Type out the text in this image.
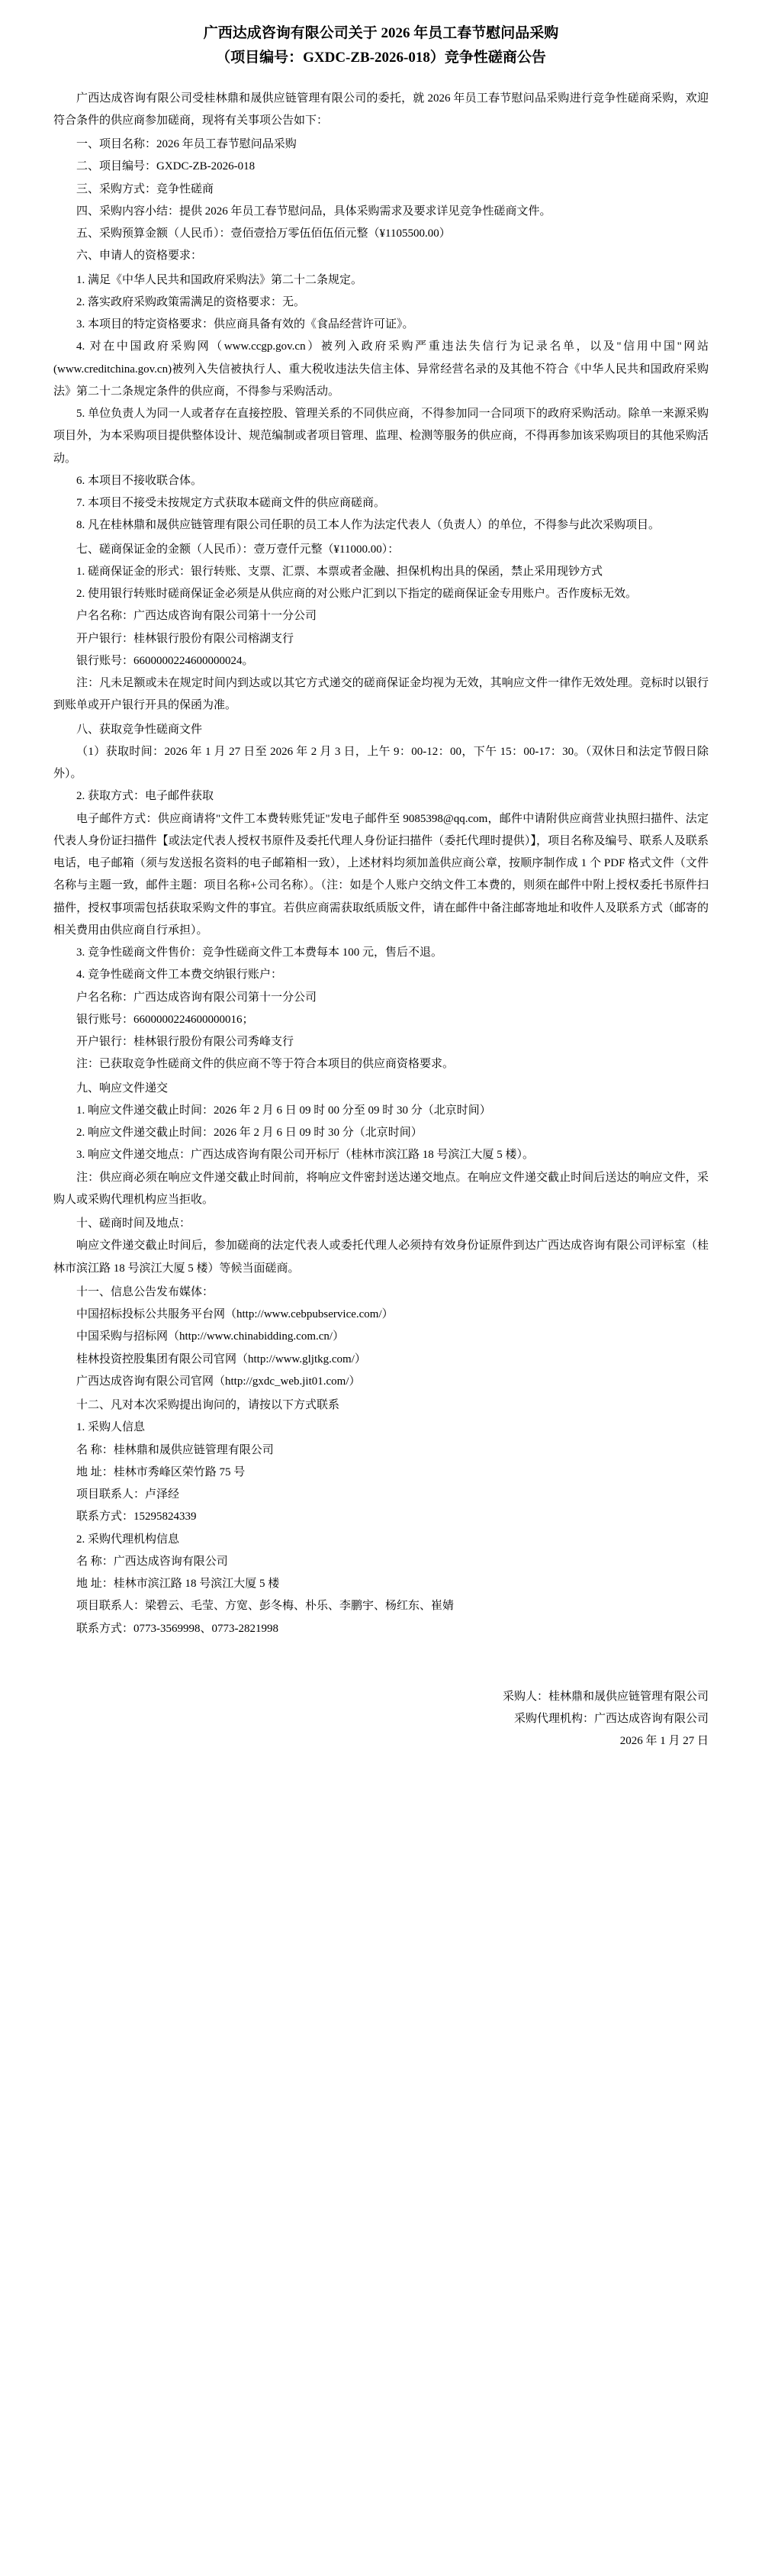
广西达成咨询有限公司关于 2026 年员工春节慰问品采购
（项目编号：GXDC-ZB-2026-018）竞争性磋商公告

广西达成咨询有限公司受桂林鼎和晟供应链管理有限公司的委托，就 2026 年员工春节慰问品采购进行竞争性磋商采购，欢迎符合条件的供应商参加磋商，现将有关事项公告如下：

一、项目名称：2026 年员工春节慰问品采购

二、项目编号：GXDC-ZB-2026-018

三、采购方式：竞争性磋商

四、采购内容小结：提供 2026 年员工春节慰问品，具体采购需求及要求详见竞争性磋商文件。

五、采购预算金额（人民币）：壹佰壹拾万零伍佰伍佰元整（¥1105500.00）

六、申请人的资格要求：

1. 满足《中华人民共和国政府采购法》第二十二条规定。

2. 落实政府采购政策需满足的资格要求：无。

3. 本项目的特定资格要求：供应商具备有效的《食品经营许可证》。

4. 对在中国政府采购网（www.ccgp.gov.cn）被列入政府采购严重违法失信行为记录名单，以及"信用中国"网站(www.creditchina.gov.cn)被列入失信被执行人、重大税收违法失信主体、异常经营名录的及其他不符合《中华人民共和国政府采购法》第二十二条规定条件的供应商，不得参与采购活动。

5. 单位负责人为同一人或者存在直接控股、管理关系的不同供应商，不得参加同一合同项下的政府采购活动。除单一来源采购项目外，为本采购项目提供整体设计、规范编制或者项目管理、监理、检测等服务的供应商，不得再参加该采购项目的其他采购活动。

6. 本项目不接收联合体。

7. 本项目不接受未按规定方式获取本磋商文件的供应商磋商。

8. 凡在桂林鼎和晟供应链管理有限公司任职的员工本人作为法定代表人（负责人）的单位，不得参与此次采购项目。

七、磋商保证金的金额（人民币）：壹万壹仟元整（¥11000.00）：

1. 磋商保证金的形式：银行转账、支票、汇票、本票或者金融、担保机构出具的保函，禁止采用现钞方式

2. 使用银行转账时磋商保证金必须是从供应商的对公账户汇到以下指定的磋商保证金专用账户。否作废标无效。

户名名称：广西达成咨询有限公司第十一分公司

开户银行：桂林银行股份有限公司榕湖支行

银行账号：6600000224600000024。

注：凡未足额或未在规定时间内到达或以其它方式递交的磋商保证金均视为无效，其响应文件一律作无效处理。竞标时以银行到账单或开户银行开具的保函为准。

八、获取竞争性磋商文件

（1）获取时间：2026 年 1 月 27 日至 2026 年 2 月 3 日，上午 9：00-12：00，下午 15：00-17：30。（双休日和法定节假日除外）。

2. 获取方式：电子邮件获取

电子邮件方式：供应商请将"文件工本费转账凭证"发电子邮件至 9085398@qq.com，邮件中请附供应商营业执照扫描件、法定代表人身份证扫描件【或法定代表人授权书原件及委托代理人身份证扫描件（委托代理时提供）】，项目名称及编号、联系人及联系电话，电子邮箱（须与发送报名资料的电子邮箱相一致），上述材料均须加盖供应商公章，按顺序制作成 1 个 PDF 格式文件（文件名称与主题一致，邮件主题：项目名称+公司名称）。（注：如是个人账户交纳文件工本费的，则须在邮件中附上授权委托书原件扫描件，授权事项需包括获取采购文件的事宜。若供应商需获取纸质版文件，请在邮件中备注邮寄地址和收件人及联系方式（邮寄的相关费用由供应商自行承担）。

3. 竞争性磋商文件售价：竞争性磋商文件工本费每本 100 元，售后不退。

4. 竞争性磋商文件工本费交纳银行账户：

户名名称：广西达成咨询有限公司第十一分公司

银行账号：6600000224600000016；

开户银行：桂林银行股份有限公司秀峰支行

注：已获取竞争性磋商文件的供应商不等于符合本项目的供应商资格要求。

九、响应文件递交

1. 响应文件递交截止时间：2026 年 2 月 6 日 09 时 00 分至 09 时 30 分（北京时间）

2. 响应文件递交截止时间：2026 年 2 月 6 日 09 时 30 分（北京时间）

3. 响应文件递交地点：广西达成咨询有限公司开标厅（桂林市滨江路 18 号滨江大厦 5 楼）。

注：供应商必须在响应文件递交截止时间前，将响应文件密封送达递交地点。在响应文件递交截止时间后送达的响应文件，采购人或采购代理机构应当拒收。

十、磋商时间及地点：

响应文件递交截止时间后，参加磋商的法定代表人或委托代理人必须持有效身份证原件到达广西达成咨询有限公司评标室（桂林市滨江路 18 号滨江大厦 5 楼）等候当面磋商。

十一、信息公告发布媒体：

中国招标投标公共服务平台网（http://www.cebpubservice.com/）

中国采购与招标网（http://www.chinabidding.com.cn/）

桂林投资控股集团有限公司官网（http://www.gljtkg.com/）

广西达成咨询有限公司官网（http://gxdc_web.jit01.com/）

十二、凡对本次采购提出询问的，请按以下方式联系

1. 采购人信息

名 称：桂林鼎和晟供应链管理有限公司

地 址：桂林市秀峰区荣竹路 75 号

项目联系人：卢泽经

联系方式：15295824339

2. 采购代理机构信息

名 称：广西达成咨询有限公司

地 址：桂林市滨江路 18 号滨江大厦 5 楼

项目联系人：梁碧云、毛莹、方宽、彭冬梅、朴乐、李鹏宇、杨红东、崔婧

联系方式：0773-3569998、0773-2821998

采购人：桂林鼎和晟供应链管理有限公司
采购代理机构：广西达成咨询有限公司
2026 年 1 月 27 日
